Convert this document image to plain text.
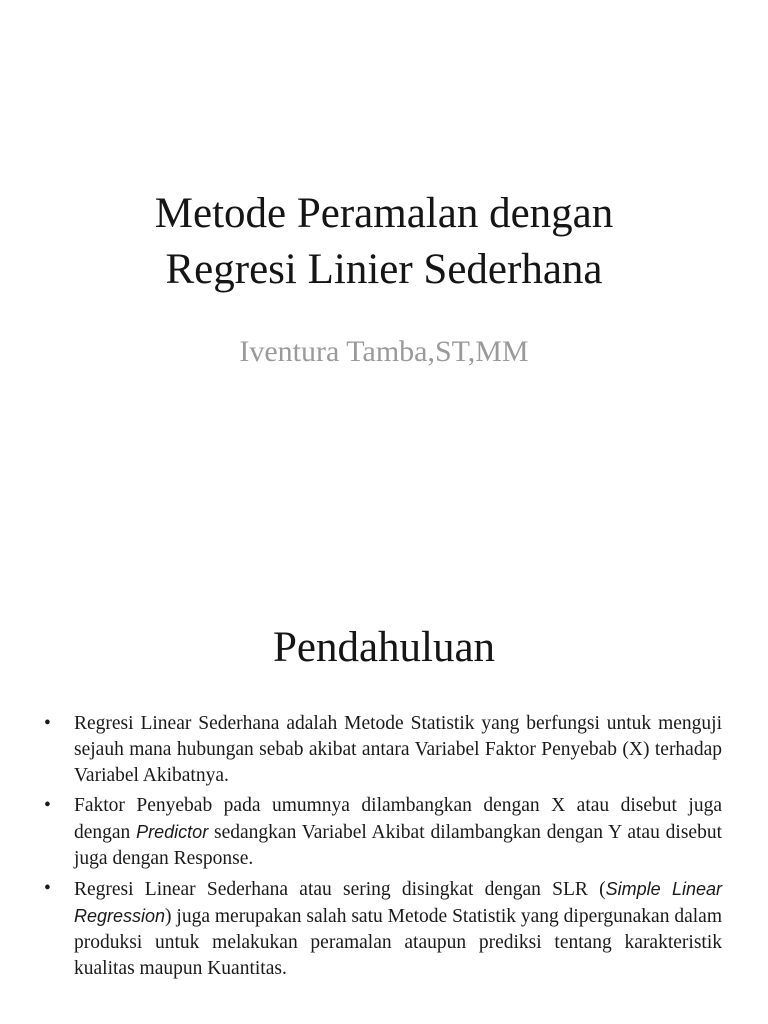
Metode Peramalan dengan
Regresi Linier Sederhana
Iventura Tamba,ST,MM
Pendahuluan
•	Regresi Linear Sederhana adalah Metode Statistik yang berfungsi untuk menguji sejauh mana hubungan sebab akibat antara Variabel Faktor Penyebab (X) terhadap Variabel Akibatnya.
•	Faktor Penyebab pada umumnya dilambangkan dengan X atau disebut juga dengan Predictor sedangkan Variabel Akibat dilambangkan dengan Y atau disebut juga dengan Response.
•	Regresi Linear Sederhana atau sering disingkat dengan SLR (Simple Linear Regression) juga merupakan salah satu Metode Statistik yang dipergunakan dalam produksi untuk melakukan peramalan ataupun prediksi tentang karakteristik kualitas maupun Kuantitas.
